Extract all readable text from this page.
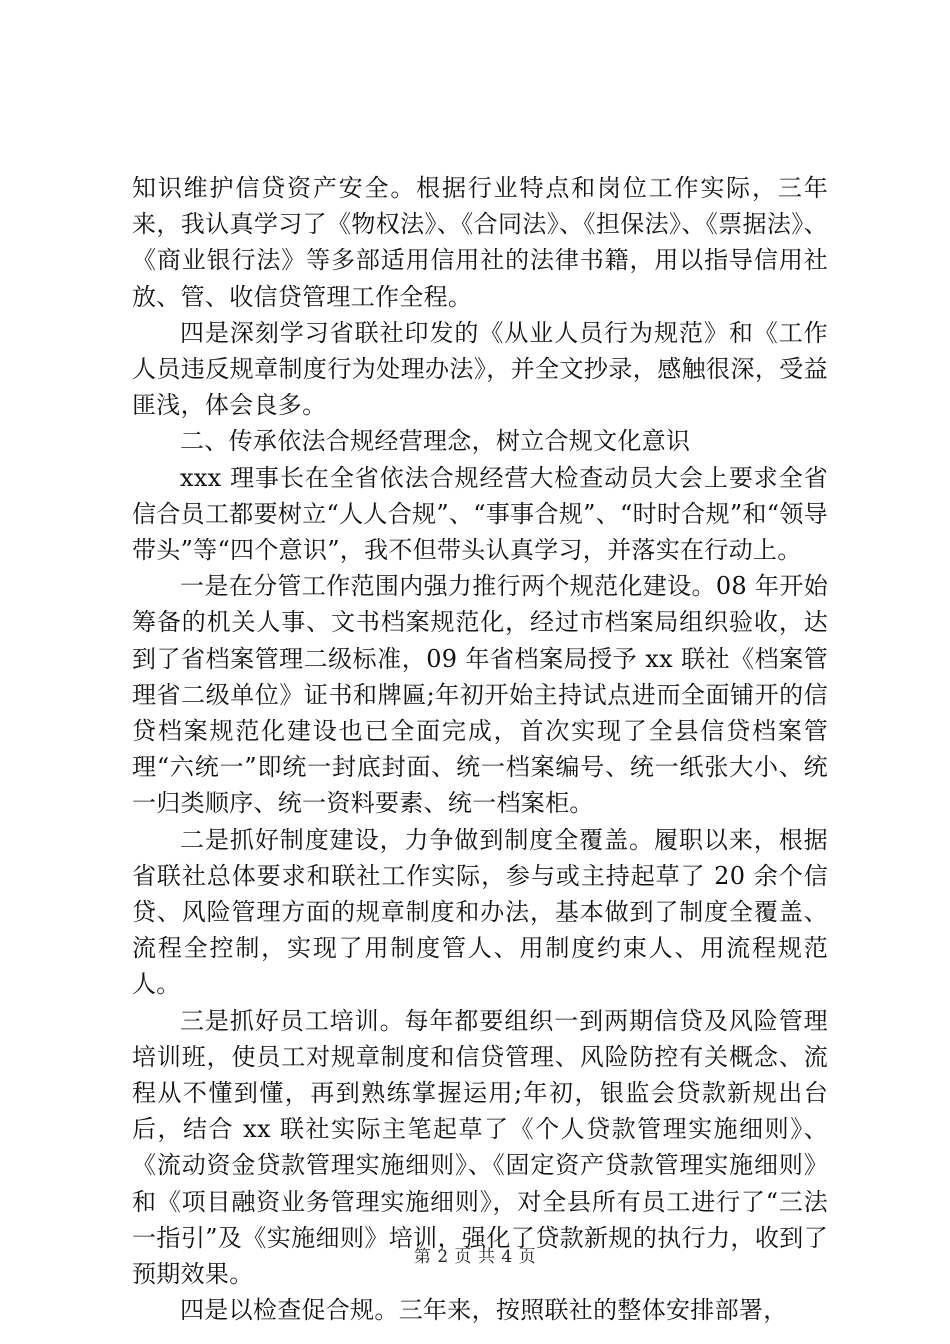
知识维护信贷资产安全。根据行业特点和岗位工作实际，三年来，我认真学习了《物权法》、《合同法》、《担保法》、《票据法》、《商业银行法》等多部适用信用社的法律书籍，用以指导信用社放、管、收信贷管理工作全程。

四是深刻学习省联社印发的《从业人员行为规范》和《工作人员违反规章制度行为处理办法》，并全文抄录，感触很深，受益匪浅，体会良多。

二、传承依法合规经营理念，树立合规文化意识

xxx 理事长在全省依法合规经营大检查动员大会上要求全省信合员工都要树立“人人合规”、“事事合规”、“时时合规”和“领导带头”等“四个意识”，我不但带头认真学习，并落实在行动上。

一是在分管工作范围内强力推行两个规范化建设。08 年开始筹备的机关人事、文书档案规范化，经过市档案局组织验收，达到了省档案管理二级标准，09 年省档案局授予 xx 联社《档案管理省二级单位》证书和牌匾;年初开始主持试点进而全面铺开的信贷档案规范化建设也已全面完成，首次实现了全县信贷档案管理“六统一”即统一封底封面、统一档案编号、统一纸张大小、统一归类顺序、统一资料要素、统一档案柜。

二是抓好制度建设，力争做到制度全覆盖。履职以来，根据省联社总体要求和联社工作实际，参与或主持起草了 20 余个信贷、风险管理方面的规章制度和办法，基本做到了制度全覆盖、流程全控制，实现了用制度管人、用制度约束人、用流程规范人。

三是抓好员工培训。每年都要组织一到两期信贷及风险管理培训班，使员工对规章制度和信贷管理、风险防控有关概念、流程从不懂到懂，再到熟练掌握运用;年初，银监会贷款新规出台后，结合 xx 联社实际主笔起草了《个人贷款管理实施细则》、《流动资金贷款管理实施细则》、《固定资产贷款管理实施细则》和《项目融资业务管理实施细则》，对全县所有员工进行了“三法一指引”及《实施细则》培训，强化了贷款新规的执行力，收到了预期效果。

四是以检查促合规。三年来，按照联社的整体安排部署，

第 2 页 共 4 页
